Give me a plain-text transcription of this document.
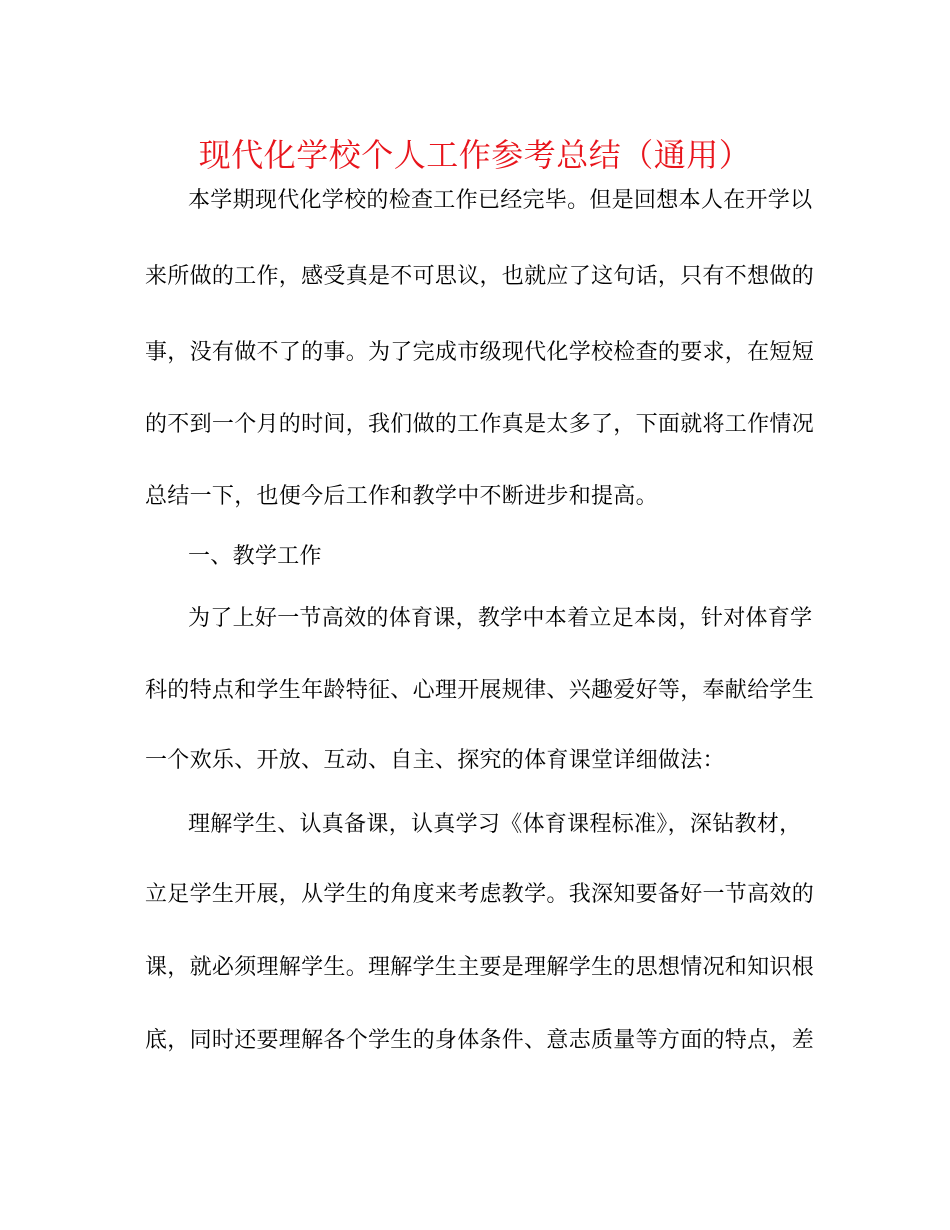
现代化学校个人工作参考总结（通用）
本学期现代化学校的检查工作已经完毕。但是回想本人在开学以
来所做的工作，感受真是不可思议，也就应了这句话，只有不想做的
事，没有做不了的事。为了完成市级现代化学校检查的要求，在短短
的不到一个月的时间，我们做的工作真是太多了，下面就将工作情况
总结一下，也便今后工作和教学中不断进步和提高。
一、教学工作
为了上好一节高效的体育课，教学中本着立足本岗，针对体育学
科的特点和学生年龄特征、心理开展规律、兴趣爱好等，奉献给学生
一个欢乐、开放、互动、自主、探究的体育课堂详细做法：
理解学生、认真备课，认真学习《体育课程标准》，深钻教材，
立足学生开展，从学生的角度来考虑教学。我深知要备好一节高效的
课，就必须理解学生。理解学生主要是理解学生的思想情况和知识根
底，同时还要理解各个学生的身体条件、意志质量等方面的特点，差
